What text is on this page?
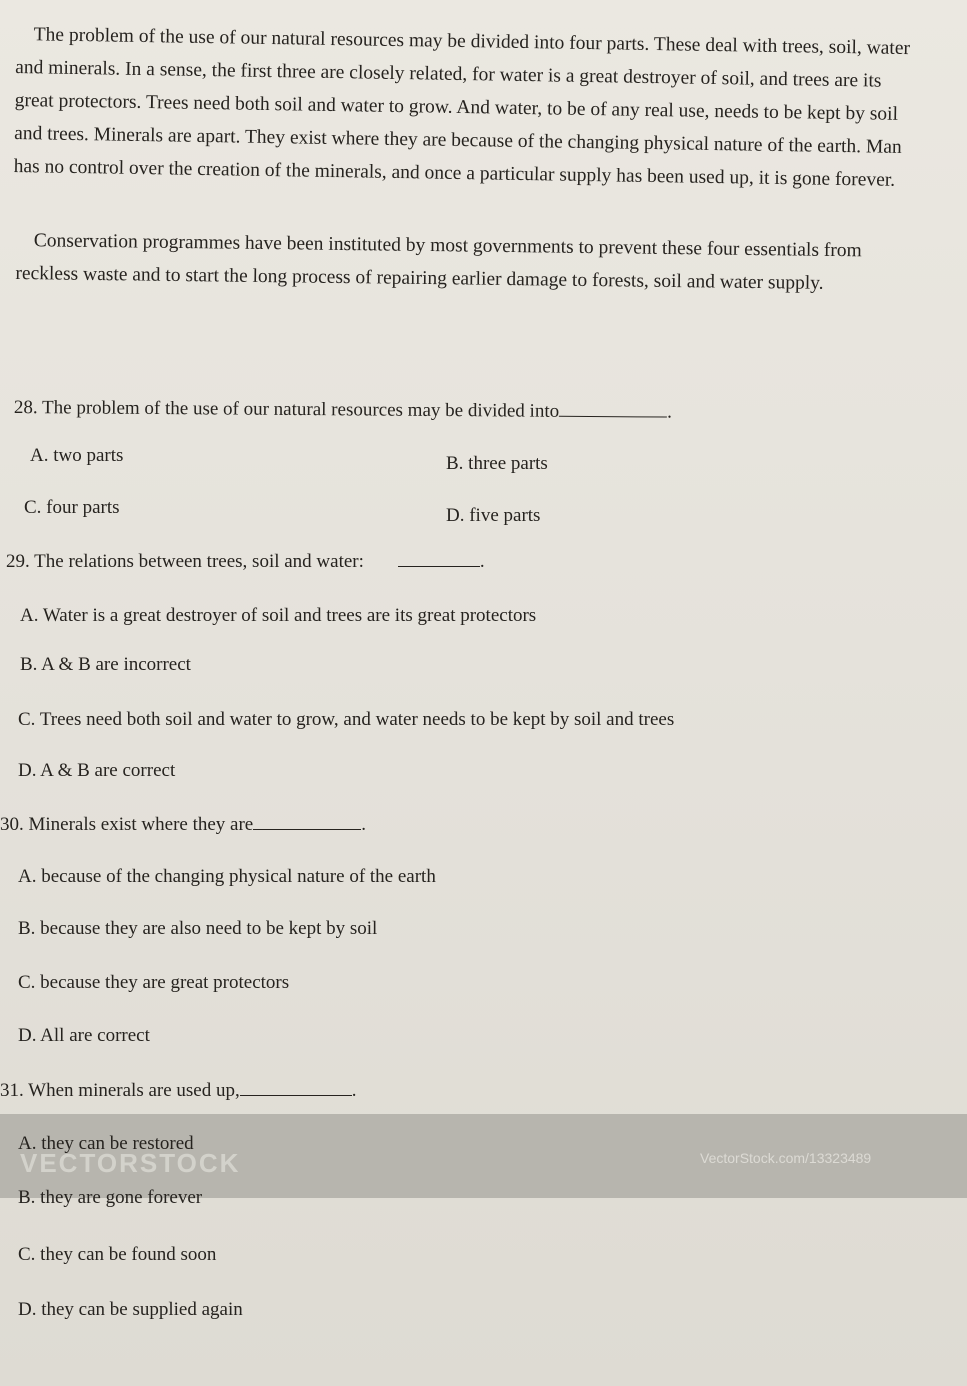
The problem of the use of our natural resources may be divided into four parts. These deal with trees, soil, water and minerals. In a sense, the first three are closely related, for water is a great destroyer of soil, and trees are its great protectors. Trees need both soil and water to grow. And water, to be of any real use, needs to be kept by soil and trees. Minerals are apart. They exist where they are because of the changing physical nature of the earth. Man has no control over the creation of the minerals, and once a particular supply has been used up, it is gone forever.

Conservation programmes have been instituted by most governments to prevent these four essentials from reckless waste and to start the long process of repairing earlier damage to forests, soil and water supply.

28. The problem of the use of our natural resources may be divided into	.
A. two parts	B. three parts
C. four parts	D. five parts
29. The relations between trees, soil and water:	.
A. Water is a great destroyer of soil and trees are its great protectors
B. A & B are incorrect
C. Trees need both soil and water to grow, and water needs to be kept by soil and trees
D. A & B are correct
30. Minerals exist where they are	.
A. because of the changing physical nature of the earth
B. because they are also need to be kept by soil
C. because they are great protectors
D. All are correct
31. When minerals are used up,	.
VECTORSTOCK	VectorStock.com/13323489
A. they can be restored
B. they are gone forever
C. they can be found soon
D. they can be supplied again
